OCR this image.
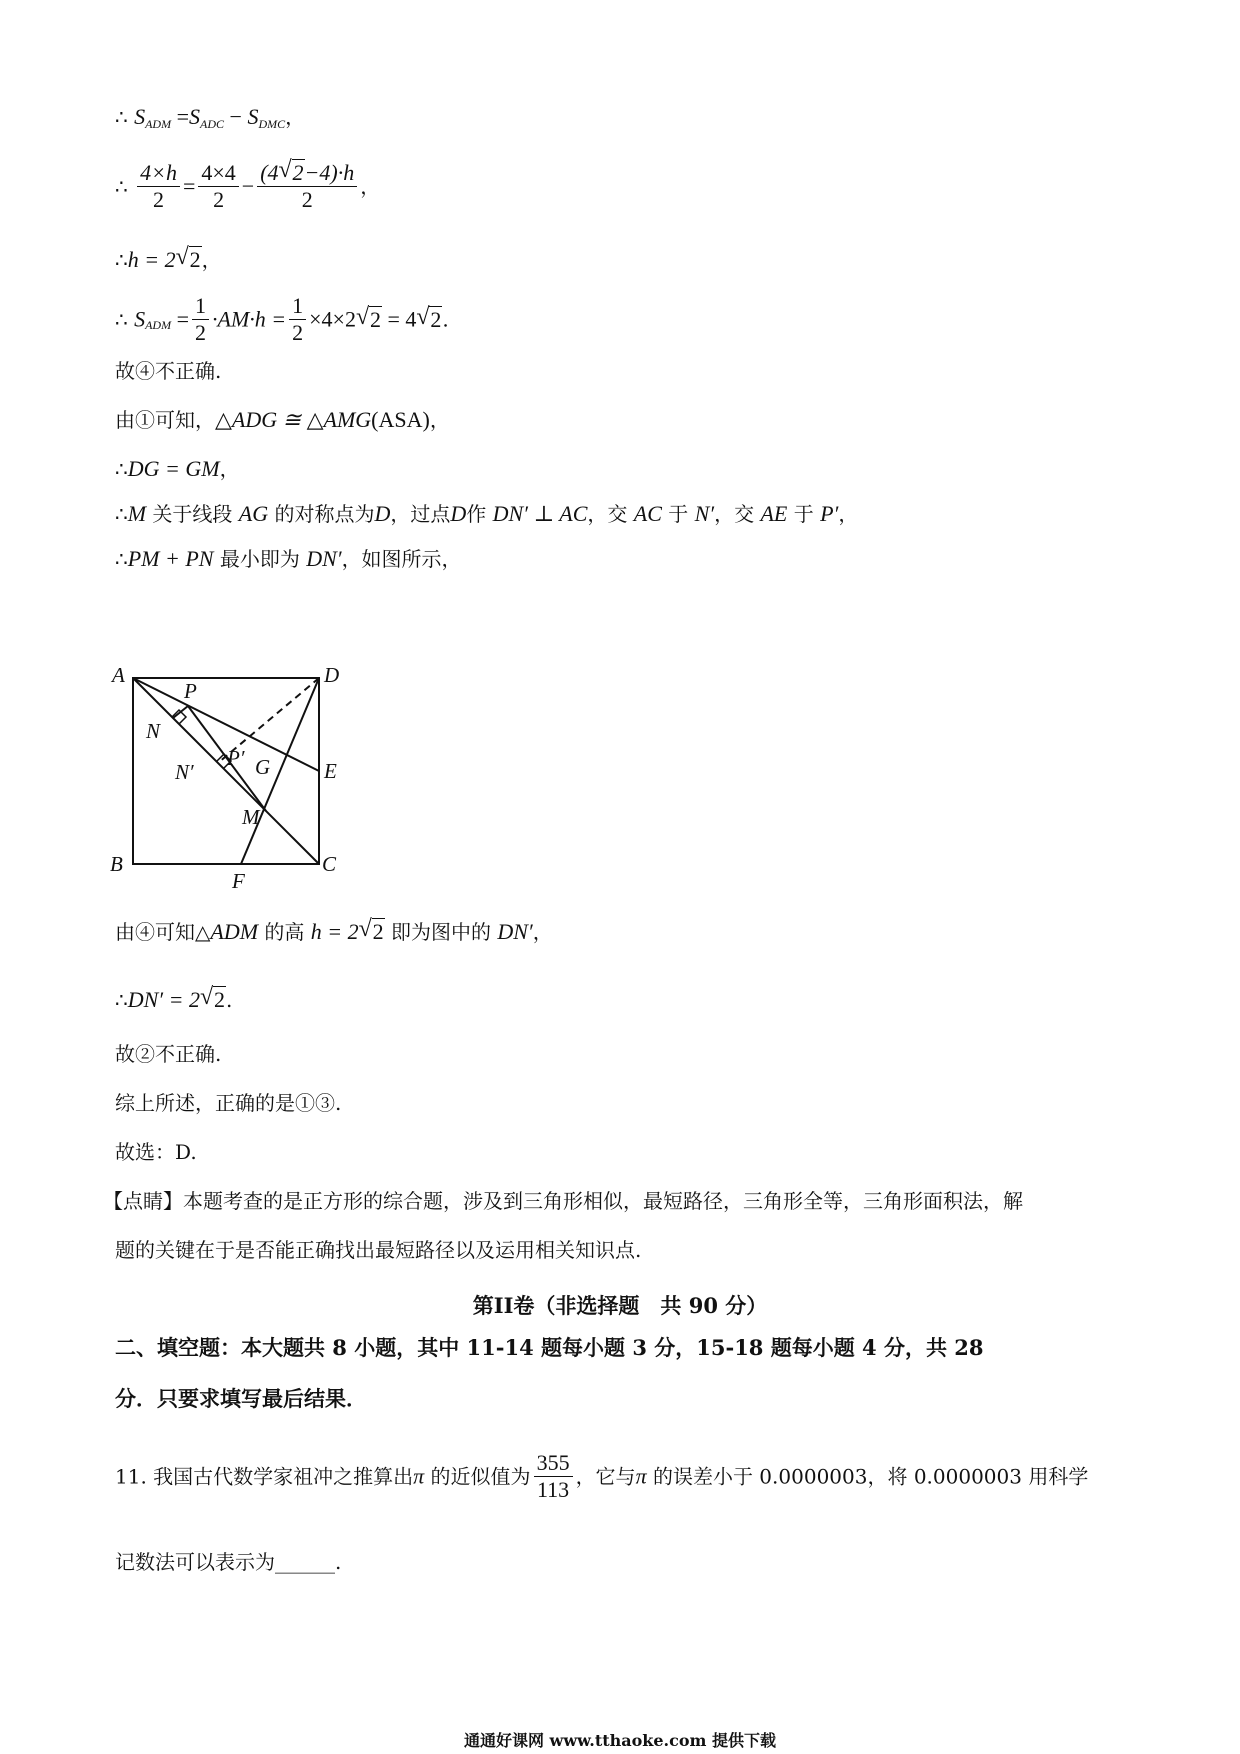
∴ $S_{ADM} =S_{ADC} - S_{DMC}$，
∴ $\frac{4\times h}{2} = \frac{4\times 4}{2} - \frac{(4√ 2-4)\cdot h}{2}$ ，
∴h = 2√ 2，
∴ $S_{ADM} = \frac{1}{2} \cdot AM\cdot h = \frac{1}{2} \times 4\times 2√$ 2 = 4√ 2.
故④不正确.
由①可知，△ADG ≅ △AMG(ASA)，
∴DG = GM，
∴M 关于线段 AG 的对称点为D，过点D作 DN′ ⊥ AC，交 AC 于 N′，交 AE 于 P′，
∴PM + PN 最小即为 DN′，如图所示，
A	D
B	C
E
F
P
N
P′
N′	G
M
由④可知△ADM 的高 h = 2√ 2 即为图中的 DN′，
∴DN′ = 2√ 2.
故②不正确.
综上所述，正确的是①③.
故选：D.
【点睛】本题考查的是正方形的综合题，涉及到三角形相似，最短路径，三角形全等，三角形面积法，解
题的关键在于是否能正确找出最短路径以及运用相关知识点.
第II卷（非选择题　共 90 分）
二、填空题：本大题共 8 小题，其中 11-14 题每小题 3 分，15-18 题每小题 4 分，共 28
分．只要求填写最后结果．
11. 我国古代数学家祖冲之推算出π 的近似值为 $\frac{355}{113}$ ，它与π 的误差小于 0.0000003，将 0.0000003 用科学
记数法可以表示为______.
通通好课网 www.tthaoke.com 提供下载
